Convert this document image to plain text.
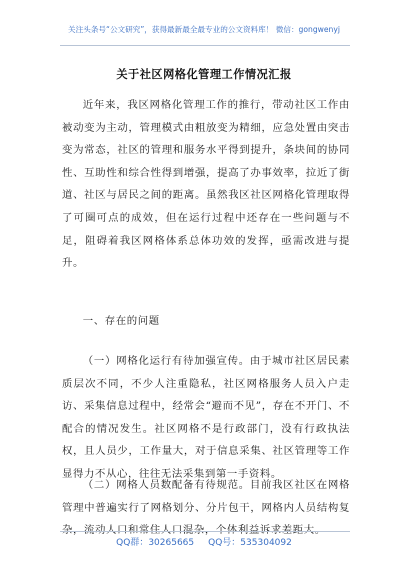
关注头条号“公文研究”，获得最新最全最专业的公文资料库！ 微信：gongwenyj
关于社区网格化管理工作情况汇报

近年来，我区网格化管理工作的推行，带动社区工作由被动变为主动，管理模式由粗放变为精细，应急处置由突击变为常态，社区的管理和服务水平得到提升，条块间的协同性、互助性和综合性得到增强，提高了办事效率，拉近了街道、社区与居民之间的距离。虽然我区社区网格化管理取得了可圈可点的成效，但在运行过程中还存在一些问题与不足，阻碍着我区网格体系总体功效的发挥，亟需改进与提升。

一、存在的问题

（一）网格化运行有待加强宣传。由于城市社区居民素质层次不同，不少人注重隐私，社区网格服务人员入户走访、采集信息过程中，经常会“避而不见”，存在不开门、不配合的情况发生。社区网格不是行政部门，没有行政执法权，且人员少，工作量大，对于信息采集、社区管理等工作显得力不从心，往往无法采集到第一手资料。

（二）网格人员数配备有待规范。目前我区社区在网格管理中普遍实行了网格划分、分片包干，网格内人员结构复杂，流动人口和常住人口混杂，个体利益诉求差距大。

QQ群：30265665 QQ号：535304092
